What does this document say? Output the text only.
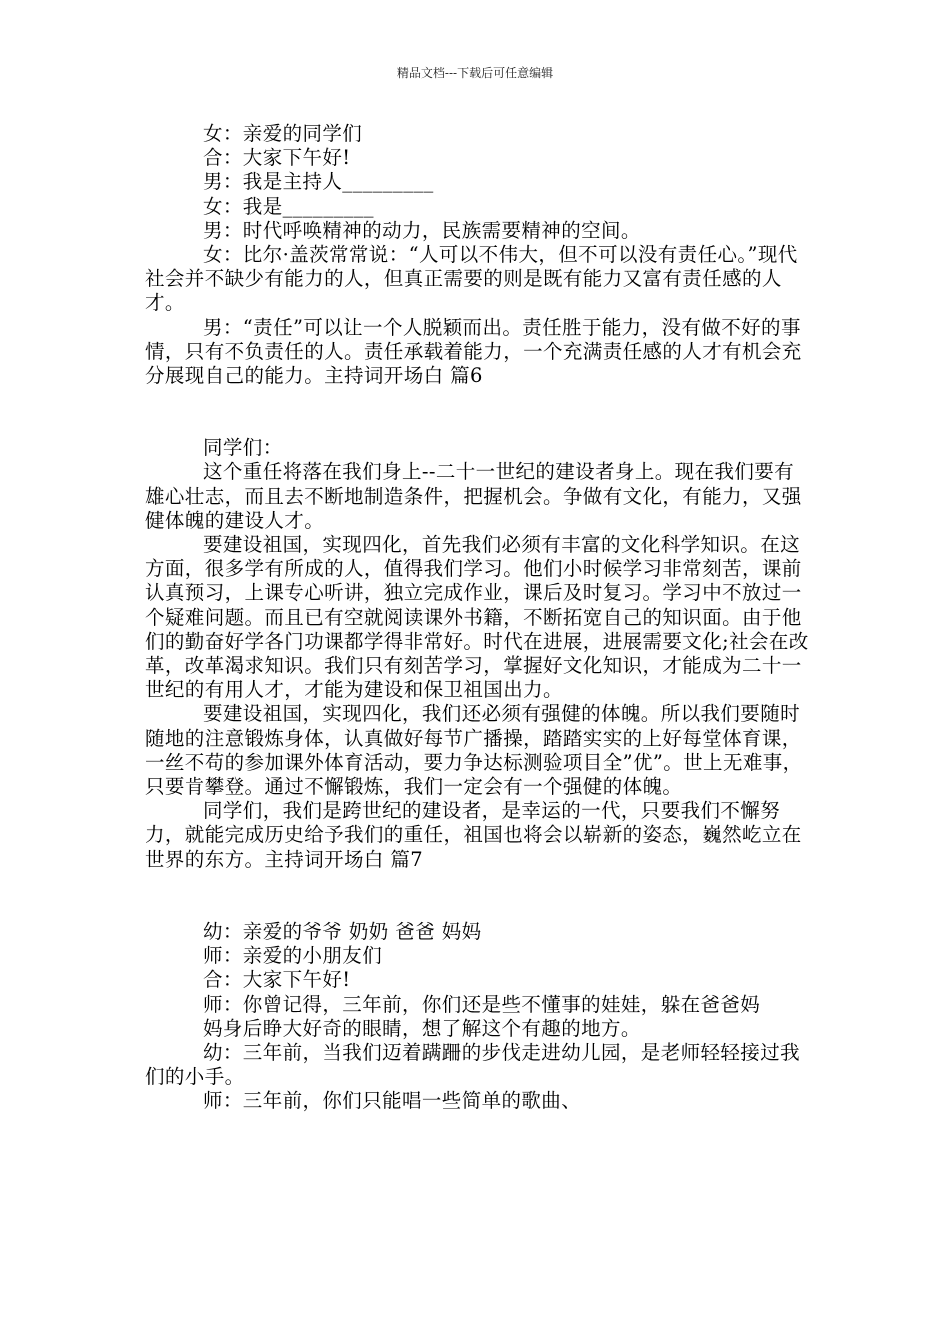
精品文档---下载后可任意编辑

女：亲爱的同学们

合：大家下午好!

男：我是主持人_________

女：我是_________

男：时代呼唤精神的动力，民族需要精神的空间。

女：比尔·盖茨常常说：“人可以不伟大，但不可以没有责任心。”现代社会并不缺少有能力的人，但真正需要的则是既有能力又富有责任感的人才。

男：“责任”可以让一个人脱颖而出。责任胜于能力，没有做不好的事情，只有不负责任的人。责任承载着能力，一个充满责任感的人才有机会充分展现自己的能力。主持词开场白 篇6

同学们：

这个重任将落在我们身上--二十一世纪的建设者身上。现在我们要有雄心壮志，而且去不断地制造条件，把握机会。争做有文化，有能力，又强健体魄的建设人才。

要建设祖国，实现四化，首先我们必须有丰富的文化科学知识。在这方面，很多学有所成的人，值得我们学习。他们小时候学习非常刻苦，课前认真预习，上课专心听讲，独立完成作业，课后及时复习。学习中不放过一个疑难问题。而且已有空就阅读课外书籍，不断拓宽自己的知识面。由于他们的勤奋好学各门功课都学得非常好。时代在进展，进展需要文化;社会在改革，改革渴求知识。我们只有刻苦学习，掌握好文化知识，才能成为二十一世纪的有用人才，才能为建设和保卫祖国出力。

要建设祖国，实现四化，我们还必须有强健的体魄。所以我们要随时随地的注意锻炼身体，认真做好每节广播操，踏踏实实的上好每堂体育课，一丝不苟的参加课外体育活动，要力争达标测验项目全”优”。世上无难事，只要肯攀登。通过不懈锻炼，我们一定会有一个强健的体魄。

同学们，我们是跨世纪的建设者，是幸运的一代，只要我们不懈努力，就能完成历史给予我们的重任，祖国也将会以崭新的姿态，巍然屹立在世界的东方。主持词开场白 篇7

幼：亲爱的爷爷 奶奶 爸爸 妈妈

师：亲爱的小朋友们

合：大家下午好!

师：你曾记得，三年前，你们还是些不懂事的娃娃，躲在爸爸妈

妈身后睁大好奇的眼睛，想了解这个有趣的地方。

幼：三年前，当我们迈着蹒跚的步伐走进幼儿园，是老师轻轻接过我们的小手。

师：三年前，你们只能唱一些简单的歌曲、
